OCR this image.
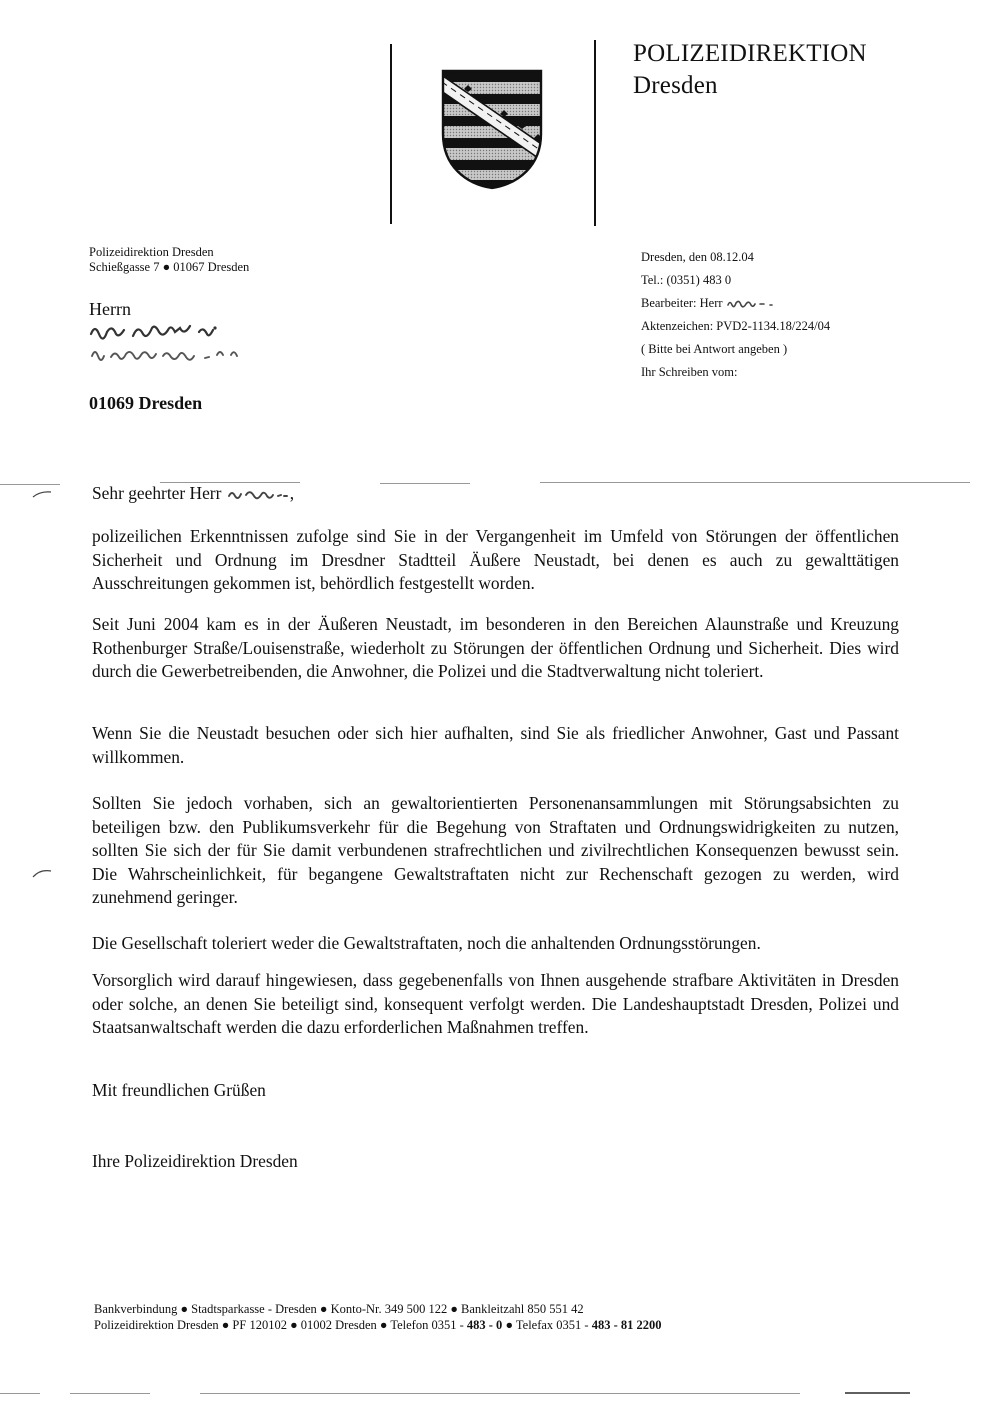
POLIZEIDIREKTION
Dresden
Polizeidirektion Dresden
Schießgasse 7 ● 01067 Dresden
Herrn
01069 Dresden
Dresden, den 08.12.04
Tel.: (0351) 483 0
Bearbeiter: Herr
Aktenzeichen: PVD2-1134.18/224/04
( Bitte bei Antwort angeben )
Ihr Schreiben vom:
Sehr geehrter Herr	,
polizeilichen Erkenntnissen zufolge sind Sie in der Vergangenheit im Umfeld von Störungen der öffentlichen Sicherheit und Ordnung im Dresdner Stadtteil Äußere Neustadt, bei denen es auch zu gewalttätigen Ausschreitungen gekommen ist, behördlich festgestellt worden.
Seit Juni 2004 kam es in der Äußeren Neustadt, im besonderen in den Bereichen Alaunstraße und Kreuzung Rothenburger Straße/Louisenstraße, wiederholt zu Störungen der öffentlichen Ordnung und Sicherheit. Dies wird durch die Gewerbetreibenden, die Anwohner, die Polizei und die Stadtverwaltung nicht toleriert.
Wenn Sie die Neustadt besuchen oder sich hier aufhalten, sind Sie als friedlicher Anwohner, Gast und Passant willkommen.
Sollten Sie jedoch vorhaben, sich an gewaltorientierten Personenansammlungen mit Störungsabsichten zu beteiligen bzw. den Publikumsverkehr für die Begehung von Straftaten und Ordnungswidrigkeiten zu nutzen, sollten Sie sich der für Sie damit verbundenen strafrechtlichen und zivilrechtlichen Konsequenzen bewusst sein. Die Wahrscheinlichkeit, für begangene Gewaltstraftaten nicht zur Rechenschaft gezogen zu werden, wird zunehmend geringer.
Die Gesellschaft toleriert weder die Gewaltstraftaten, noch die anhaltenden Ordnungsstörungen.
Vorsorglich wird darauf hingewiesen, dass gegebenenfalls von Ihnen ausgehende strafbare Aktivitäten in Dresden oder solche, an denen Sie beteiligt sind, konsequent verfolgt werden. Die Landeshauptstadt Dresden, Polizei und Staatsanwaltschaft werden die dazu erforderlichen Maßnahmen treffen.
Mit freundlichen Grüßen
Ihre Polizeidirektion Dresden
Bankverbindung ● Stadtsparkasse - Dresden ● Konto-Nr. 349 500 122 ● Bankleitzahl 850 551 42
Polizeidirektion Dresden ● PF 120102 ● 01002 Dresden ● Telefon 0351 - 483 - 0 ● Telefax 0351 - 483 - 81 2200
